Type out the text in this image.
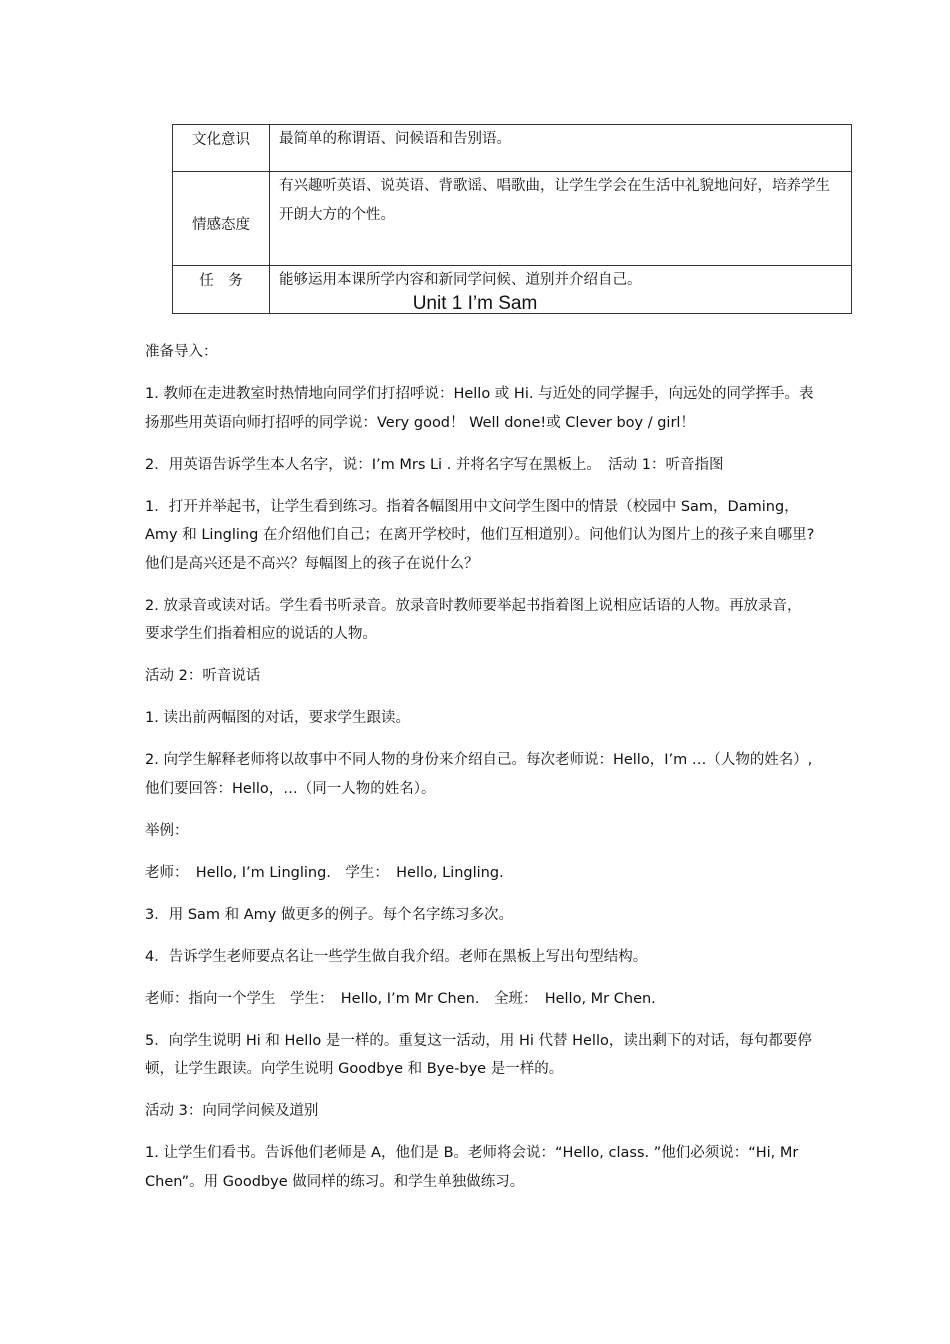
文化意识	最简单的称谓语、问候语和告别语。
情感态度	有兴趣听英语、说英语、背歌谣、唱歌曲，让学生学会在生活中礼貌地问好，培养学生开朗大方的个性。
任　务	能够运用本课所学内容和新同学问候、道别并介绍自己。
Unit 1 I’m Sam

准备导入：

1. 教师在走进教室时热情地向同学们打招呼说：Hello 或 Hi. 与近处的同学握手，向远处的同学挥手。表扬那些用英语向师打招呼的同学说：Very good！ Well done!或 Clever boy / girl！

2．用英语告诉学生本人名字，说：I’m Mrs Li . 并将名字写在黑板上。　活动 1：听音指图

1．打开并举起书，让学生看到练习。指着各幅图用中文问学生图中的情景（校园中 Sam，Daming，Amy 和 Lingling 在介绍他们自己；在离开学校时，他们互相道别）。问他们认为图片上的孩子来自哪里?他们是高兴还是不高兴？每幅图上的孩子在说什么？

2. 放录音或读对话。学生看书听录音。放录音时教师要举起书指着图上说相应话语的人物。再放录音，要求学生们指着相应的说话的人物。

活动 2：听音说话

1. 读出前两幅图的对话，要求学生跟读。

2. 向学生解释老师将以故事中不同人物的身份来介绍自己。每次老师说：Hello，I’m …（人物的姓名）,他们要回答：Hello，…（同一人物的姓名）。

举例：

老师：　Hello, I’m Lingling.　学生：　Hello, Lingling.

3．用 Sam 和 Amy 做更多的例子。每个名字练习多次。

4．告诉学生老师要点名让一些学生做自我介绍。老师在黑板上写出句型结构。

老师：指向一个学生　学生：　Hello, I’m Mr Chen.　全班：　Hello, Mr Chen.

5．向学生说明 Hi 和 Hello 是一样的。重复这一活动，用 Hi 代替 Hello，读出剩下的对话，每句都要停顿，让学生跟读。向学生说明 Goodbye 和 Bye-bye 是一样的。

活动 3：向同学问候及道别

1. 让学生们看书。告诉他们老师是 A，他们是 B。老师将会说：“Hello, class. ”他们必须说：“Hi, Mr Chen”。用 Goodbye 做同样的练习。和学生单独做练习。
